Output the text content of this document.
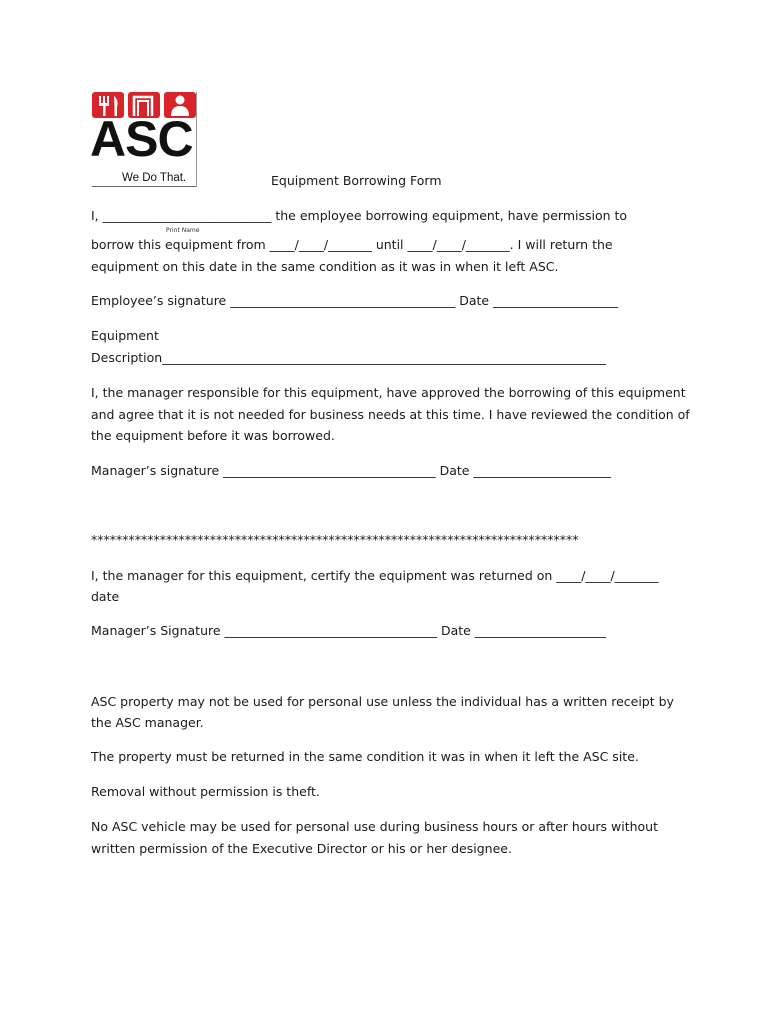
ASC
We Do That.	Equipment Borrowing Form
I, ___________________________ the employee borrowing equipment, have permission to
Print Name
borrow this equipment from ____/____/_______ until ____/____/_______. I will return the
equipment on this date in the same condition as it was in when it left ASC.
Employee’s signature ____________________________________ Date ____________________
Equipment
Description_______________________________________________________________________
I, the manager responsible for this equipment, have approved the borrowing of this equipment
and agree that it is not needed for business needs at this time. I have reviewed the condition of
the equipment before it was borrowed.
Manager’s signature __________________________________ Date ______________________
******************************************************************************
I, the manager for this equipment, certify the equipment was returned on ____/____/_______
date
Manager’s Signature __________________________________ Date _____________________
ASC property may not be used for personal use unless the individual has a written receipt by
the ASC manager.
The property must be returned in the same condition it was in when it left the ASC site.
Removal without permission is theft.
No ASC vehicle may be used for personal use during business hours or after hours without
written permission of the Executive Director or his or her designee.
